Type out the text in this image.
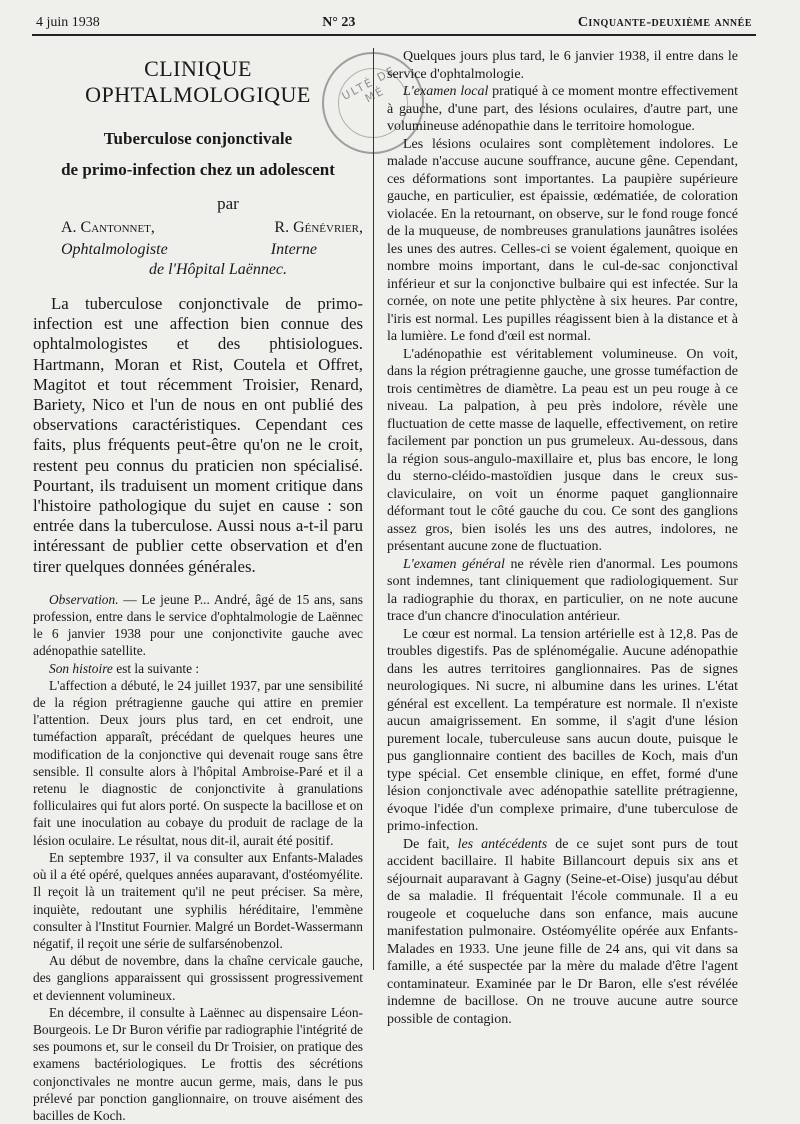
4 juin 1938	N° 23	Cinquante-deuxième année
ULTÉ DE MÉ
CLINIQUE OPHTALMOLOGIQUE
Tuberculose conjonctivale
de primo-infection chez un adolescent
par
A. Cantonnet,	R. Génévrier,
Ophtalmologiste	Interne
de l'Hôpital Laënnec.

La tuberculose conjonctivale de primo-infection est une affection bien connue des ophtalmologistes et des phtisiologues. Hartmann, Moran et Rist, Coutela et Offret, Magitot et tout récemment Troisier, Renard, Bariety, Nico et l'un de nous en ont publié des observations caractéristiques. Cependant ces faits, plus fréquents peut-être qu'on ne le croit, restent peu connus du praticien non spécialisé. Pourtant, ils traduisent un moment critique dans l'histoire pathologique du sujet en cause : son entrée dans la tuberculose. Aussi nous a-t-il paru intéressant de publier cette observation et d'en tirer quelques données générales.

Observation. — Le jeune P... André, âgé de 15 ans, sans profession, entre dans le service d'ophtalmologie de Laënnec le 6 janvier 1938 pour une conjonctivite gauche avec adénopathie satellite.

Son histoire est la suivante :

L'affection a débuté, le 24 juillet 1937, par une sensibilité de la région prétragienne gauche qui attire en premier l'attention. Deux jours plus tard, en cet endroit, une tuméfaction apparaît, précédant de quelques heures une modification de la conjonctive qui devenait rouge sans être sensible. Il consulte alors à l'hôpital Ambroise-Paré et il a retenu le diagnostic de conjonctivite à granulations folliculaires qui fut alors porté. On suspecte la bacillose et on fait une inoculation au cobaye du produit de raclage de la lésion oculaire. Le résultat, nous dit-il, aurait été positif.

En septembre 1937, il va consulter aux Enfants-Malades où il a été opéré, quelques années auparavant, d'ostéomyélite. Il reçoit là un traitement qu'il ne peut préciser. Sa mère, inquiète, redoutant une syphilis héréditaire, l'emmène consulter à l'Institut Fournier. Malgré un Bordet-Wassermann négatif, il reçoit une série de sulfarsénobenzol.

Au début de novembre, dans la chaîne cervicale gauche, des ganglions apparaissent qui grossissent progressivement et deviennent volumineux.

En décembre, il consulte à Laënnec au dispensaire Léon-Bourgeois. Le Dr Buron vérifie par radiographie l'intégrité de ses poumons et, sur le conseil du Dr Troisier, on pratique des examens bactériologiques. Le frottis des sécrétions conjonctivales ne montre aucun germe, mais, dans le pus prélevé par ponction ganglionnaire, on trouve aisément des bacilles de Koch.

Quelques jours plus tard, le 6 janvier 1938, il entre dans le service d'ophtalmologie.

L'examen local pratiqué à ce moment montre effectivement à gauche, d'une part, des lésions oculaires, d'autre part, une volumineuse adénopathie dans le territoire homologue.

Les lésions oculaires sont complètement indolores. Le malade n'accuse aucune souffrance, aucune gêne. Cependant, ces déformations sont importantes. La paupière supérieure gauche, en particulier, est épaissie, œdématiée, de coloration violacée. En la retournant, on observe, sur le fond rouge foncé de la muqueuse, de nombreuses granulations jaunâtres isolées les unes des autres. Celles-ci se voient également, quoique en nombre moins important, dans le cul-de-sac conjonctival inférieur et sur la conjonctive bulbaire qui est infectée. Sur la cornée, on note une petite phlyctène à six heures. Par contre, l'iris est normal. Les pupilles réagissent bien à la distance et à la lumière. Le fond d'œil est normal.

L'adénopathie est véritablement volumineuse. On voit, dans la région prétragienne gauche, une grosse tuméfaction de trois centimètres de diamètre. La peau est un peu rouge à ce niveau. La palpation, à peu près indolore, révèle une fluctuation de cette masse de laquelle, effectivement, on retire facilement par ponction un pus grumeleux. Au-dessous, dans la région sous-angulo-maxillaire et, plus bas encore, le long du sterno-cléido-mastoïdien jusque dans le creux sus-claviculaire, on voit un énorme paquet ganglionnaire déformant tout le côté gauche du cou. Ce sont des ganglions assez gros, bien isolés les uns des autres, indolores, ne présentant aucune zone de fluctuation.

L'examen général ne révèle rien d'anormal. Les poumons sont indemnes, tant cliniquement que radiologiquement. Sur la radiographie du thorax, en particulier, on ne note aucune trace d'un chancre d'inoculation antérieur.

Le cœur est normal. La tension artérielle est à 12,8. Pas de troubles digestifs. Pas de splénomégalie. Aucune adénopathie dans les autres territoires ganglionnaires. Pas de signes neurologiques. Ni sucre, ni albumine dans les urines. L'état général est excellent. La température est normale. Il n'existe aucun amaigrissement. En somme, il s'agit d'une lésion purement locale, tuberculeuse sans aucun doute, puisque le pus ganglionnaire contient des bacilles de Koch, mais d'un type spécial. Cet ensemble clinique, en effet, formé d'une lésion conjonctivale avec adénopathie satellite prétragienne, évoque l'idée d'un complexe primaire, d'une tuberculose de primo-infection.

De fait, les antécédents de ce sujet sont purs de tout accident bacillaire. Il habite Billancourt depuis six ans et séjournait auparavant à Gagny (Seine-et-Oise) jusqu'au début de sa maladie. Il fréquentait l'école communale. Il a eu rougeole et coqueluche dans son enfance, mais aucune manifestation pulmonaire. Ostéomyélite opérée aux Enfants-Malades en 1933. Une jeune fille de 24 ans, qui vit dans sa famille, a été suspectée par la mère du malade d'être l'agent contaminateur. Examinée par le Dr Baron, elle s'est révélée indemne de bacillose. On ne trouve aucune autre source possible de contagion.
